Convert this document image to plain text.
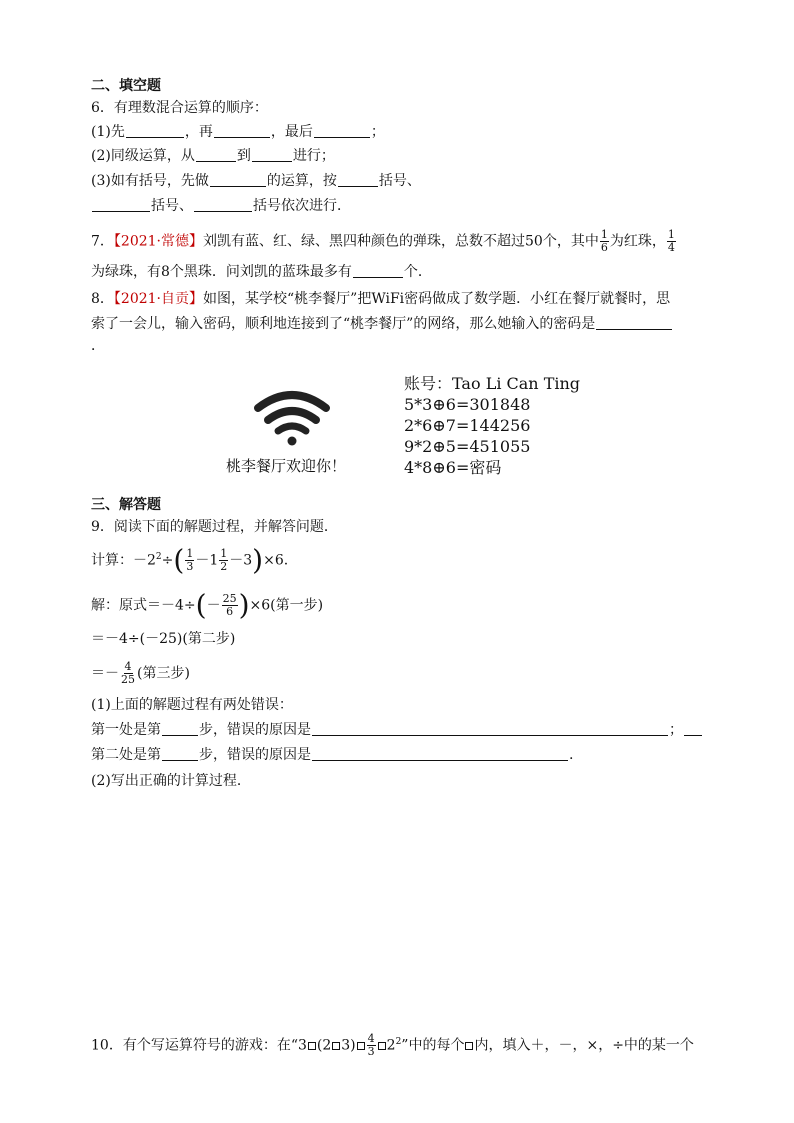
二、填空题
6．有理数混合运算的顺序：
(1)先	，再	，最后	；
(2)同级运算，从	到	进行；
(3)如有括号，先做	的运算，按	括号、
括号、	括号依次进行．
7．【2021·常德】刘凯有蓝、红、绿、黑四种颜色的弹珠，总数不超过50个，其中 $\frac{1}{6}$ 为红珠， $\frac{1}{4}$
为绿珠，有8个黑珠．问刘凯的蓝珠最多有	个．
8．【2021·自贡】如图，某学校“桃李餐厅”把WiFi密码做成了数学题．小红在餐厅就餐时，思
索了一会儿，输入密码，顺利地连接到了“桃李餐厅”的网络，那么她输入的密码是
．
桃李餐厅欢迎你！
账号：Tao Li Can Ting
5*3⊕6=301848
2*6⊕7=144256
9*2⊕5=451055
4*8⊕6=密码
三、解答题
9．阅读下面的解题过程，并解答问题．
计算：$-2^2\div( \frac{1}{3} -1 \frac{1}{2} -3)\times 6$.
解：原式$=-4\div(- \frac{25}{6} )\times 6$(第一步)
＝－4÷(－25)(第二步)
＝－ $\frac{4}{25}$ (第三步)
(1)上面的解题过程有两处错误：
第一处是第	步，错误的原因是	；
第二处是第	步，错误的原因是	.
(2)写出正确的计算过程．
10．有个写运算符号的游戏：在“3 (2 $3) \frac{4}{3} 2^2$”中的每个 内，填入＋，－，×，÷中的某一个
